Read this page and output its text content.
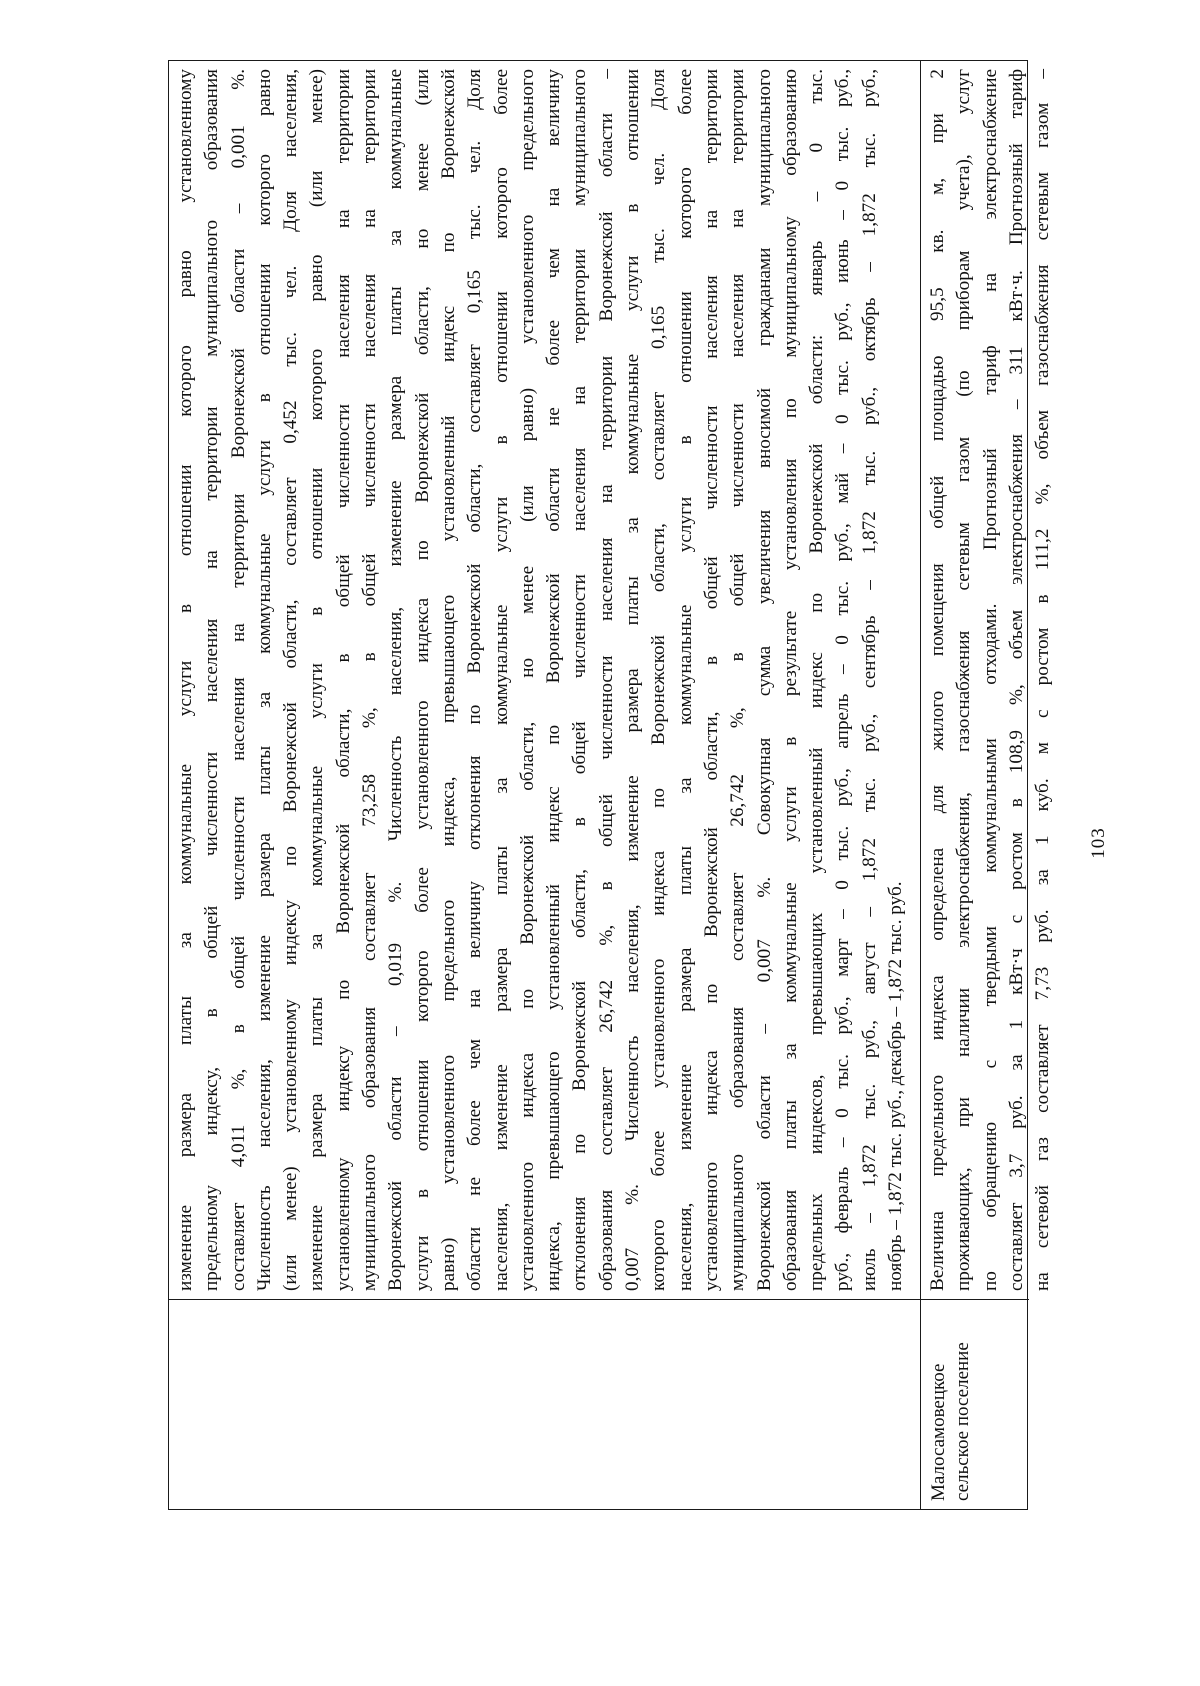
103
изменение размера платы за коммунальные услуги в отношении которого равно установленному предельному индексу, в общей численности населения на территории муниципального образования составляет 4,011 %, в общей численности населения на территории Воронежской области – 0,001 %. Численность населения, изменение размера платы за коммунальные услуги в отношении которого равно (или менее) установленному индексу по Воронежской области, составляет 0,452 тыс. чел. Доля населения, изменение размера платы за коммунальные услуги в отношении которого равно (или менее) установленному индексу по Воронежской области, в общей численности населения на территории муниципального образования составляет 73,258 %, в общей численности населения на территории Воронежской области – 0,019 %. Численность населения, изменение размера платы за коммунальные услуги в отношении которого более установленного индекса по Воронежской области, но менее (или равно) установленного предельного индекса, превышающего установленный индекс по Воронежской области не более чем на величину отклонения по Воронежской области, составляет 0,165 тыс. чел. Доля населения, изменение размера платы за коммунальные услуги в отношении которого более установленного индекса по Воронежской области, но менее (или равно) установленного предельного индекса, превышающего установленный индекс по Воронежской области не более чем на величину отклонения по Воронежской области, в общей численности населения на территории муниципального образования составляет 26,742 %, в общей численности населения на территории Воронежской области – 0,007 %. Численность населения, изменение размера платы за коммунальные услуги в отношении которого более установленного индекса по Воронежской области, составляет 0,165 тыс. чел. Доля населения, изменение размера платы за коммунальные услуги в отношении которого более установленного индекса по Воронежской области, в общей численности населения на территории муниципального образования составляет 26,742 %, в общей численности населения на территории Воронежской области – 0,007 %. Совокупная сумма увеличения вносимой гражданами муниципального образования платы за коммунальные услуги в результате установления по муниципальному образованию предельных индексов, превышающих установленный индекс по Воронежской области: январь – 0 тыс. руб., февраль – 0 тыс. руб., март – 0 тыс. руб., апрель – 0 тыс. руб., май – 0 тыс. руб., июнь – 0 тыс. руб., июль – 1,872 тыс. руб., август – 1,872 тыс. руб., сентябрь – 1,872 тыс. руб., октябрь – 1,872 тыс. руб., ноябрь – 1,872 тыс. руб., декабрь – 1,872 тыс. руб.
Малосамовецкое сельское поселение
Величина предельного индекса определена для жилого помещения общей площадью 95,5 кв. м, при 2 проживающих, при наличии электроснабжения, газоснабжения сетевым газом (по приборам учета), услуг по обращению с твердыми коммунальными отходами. Прогнозный тариф на электроснабжение составляет 3,7 руб. за 1 кВт·ч с ростом в 108,9 %, объем электроснабжения – 311 кВт·ч. Прогнозный тариф на сетевой газ составляет 7,73 руб. за 1 куб. м с ростом в 111,2 %, объем газоснабжения сетевым газом –
